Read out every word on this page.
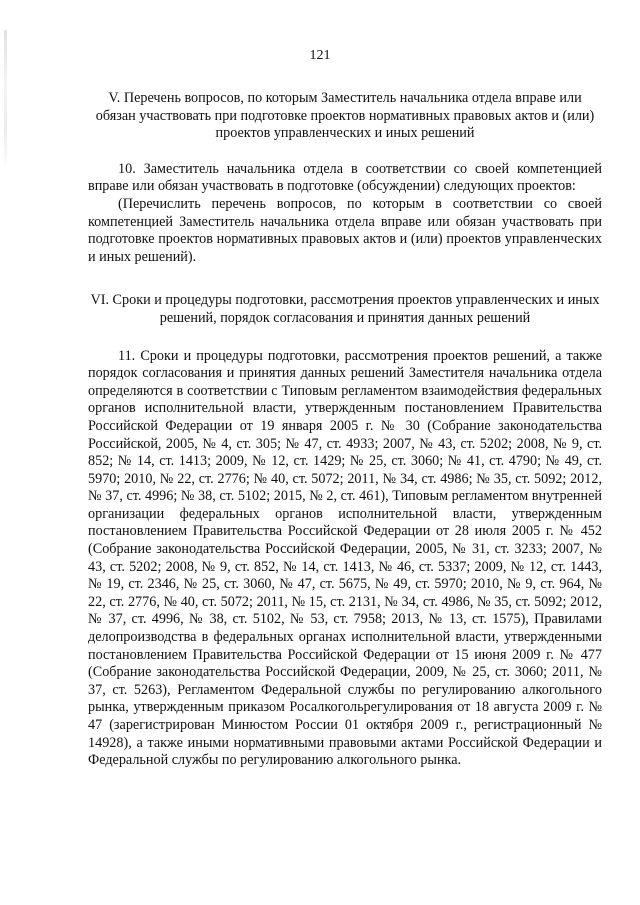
121

V. Перечень вопросов, по которым Заместитель начальника отдела вправе или обязан участвовать при подготовке проектов нормативных правовых актов и (или) проектов управленческих и иных решений

10. Заместитель начальника отдела в соответствии со своей компетенцией вправе или обязан участвовать в подготовке (обсуждении) следующих проектов:

(Перечислить перечень вопросов, по которым в соответствии со своей компетенцией Заместитель начальника отдела вправе или обязан участвовать при подготовке проектов нормативных правовых актов и (или) проектов управленческих и иных решений).

VI. Сроки и процедуры подготовки, рассмотрения проектов управленческих и иных решений, порядок согласования и принятия данных решений

11. Сроки и процедуры подготовки, рассмотрения проектов решений, а также порядок согласования и принятия данных решений Заместителя начальника отдела определяются в соответствии с Типовым регламентом взаимодействия федеральных органов исполнительной власти, утвержденным постановлением Правительства Российской Федерации от 19 января 2005 г. № 30 (Собрание законодательства Российской, 2005, № 4, ст. 305; № 47, ст. 4933; 2007, № 43, ст. 5202; 2008, № 9, ст. 852; № 14, ст. 1413; 2009, № 12, ст. 1429; № 25, ст. 3060; № 41, ст. 4790; № 49, ст. 5970; 2010, № 22, ст. 2776; № 40, ст. 5072; 2011, № 34, ст. 4986; № 35, ст. 5092; 2012, № 37, ст. 4996; № 38, ст. 5102; 2015, № 2, ст. 461), Типовым регламентом внутренней организации федеральных органов исполнительной власти, утвержденным постановлением Правительства Российской Федерации от 28 июля 2005 г. № 452 (Собрание законодательства Российской Федерации, 2005, № 31, ст. 3233; 2007, № 43, ст. 5202; 2008, № 9, ст. 852, № 14, ст. 1413, № 46, ст. 5337; 2009, № 12, ст. 1443, № 19, ст. 2346, № 25, ст. 3060, № 47, ст. 5675, № 49, ст. 5970; 2010, № 9, ст. 964, № 22, ст. 2776, № 40, ст. 5072; 2011, № 15, ст. 2131, № 34, ст. 4986, № 35, ст. 5092; 2012, № 37, ст. 4996, № 38, ст. 5102, № 53, ст. 7958; 2013, № 13, ст. 1575), Правилами делопроизводства в федеральных органах исполнительной власти, утвержденными постановлением Правительства Российской Федерации от 15 июня 2009 г. № 477 (Собрание законодательства Российской Федерации, 2009, № 25, ст. 3060; 2011, № 37, ст. 5263), Регламентом Федеральной службы по регулированию алкогольного рынка, утвержденным приказом Росалкогольрегулирования от 18 августа 2009 г. № 47 (зарегистрирован Минюстом России 01 октября 2009 г., регистрационный № 14928), а также иными нормативными правовыми актами Российской Федерации и Федеральной службы по регулированию алкогольного рынка.
